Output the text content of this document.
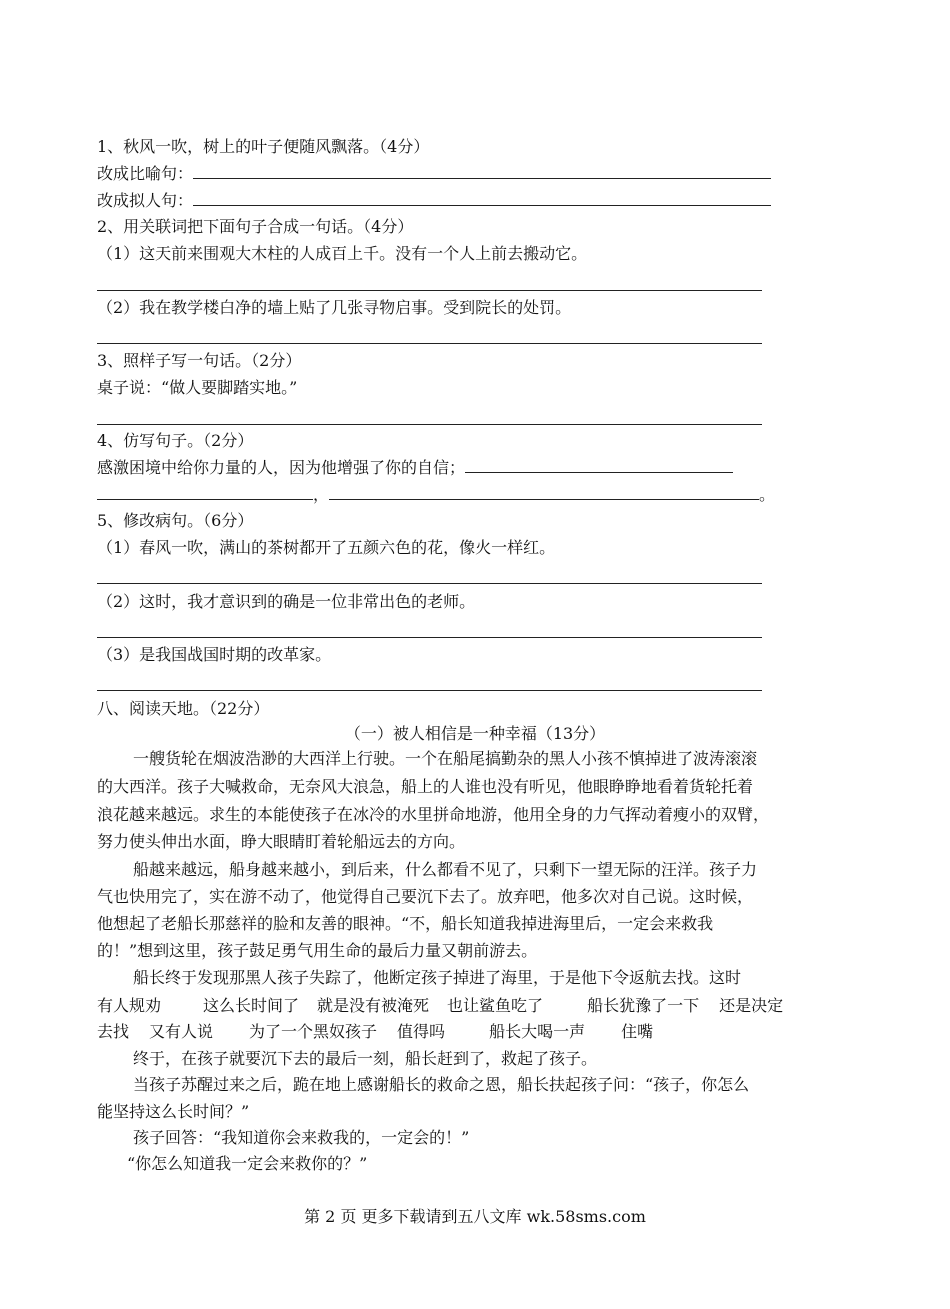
1、秋风一吹，树上的叶子便随风飘落。（4分）
改成比喻句：
改成拟人句：
2、用关联词把下面句子合成一句话。（4分）
（1）这天前来围观大木柱的人成百上千。没有一个人上前去搬动它。
（2）我在教学楼白净的墙上贴了几张寻物启事。受到院长的处罚。
3、照样子写一句话。（2分）
桌子说：“做人要脚踏实地。”
4、仿写句子。（2分）
感激困境中给你力量的人，因为他增强了你的自信；
，	。
5、修改病句。（6分）
（1）春风一吹，满山的茶树都开了五颜六色的花，像火一样红。
（2）这时，我才意识到的确是一位非常出色的老师。
（3）是我国战国时期的改革家。
八、阅读天地。（22分）
（一）被人相信是一种幸福（13分）
一艘货轮在烟波浩渺的大西洋上行驶。一个在船尾搞勤杂的黑人小孩不慎掉进了波涛滚滚
的大西洋。孩子大喊救命，无奈风大浪急，船上的人谁也没有听见，他眼睁睁地看着货轮托着
浪花越来越远。求生的本能使孩子在冰冷的水里拼命地游，他用全身的力气挥动着瘦小的双臂，
努力使头伸出水面，睁大眼睛盯着轮船远去的方向。
船越来越远，船身越来越小，到后来，什么都看不见了，只剩下一望无际的汪洋。孩子力
气也快用完了，实在游不动了，他觉得自己要沉下去了。放弃吧，他多次对自己说。这时候，
他想起了老船长那慈祥的脸和友善的眼神。“不，船长知道我掉进海里后，一定会来救我
的！”想到这里，孩子鼓足勇气用生命的最后力量又朝前游去。
船长终于发现那黑人孩子失踪了，他断定孩子掉进了海里，于是他下令返航去找。这时
有人规劝	这么长时间了 就是没有被淹死 也让鲨鱼吃了	船长犹豫了一下 还是决定
去找 又有人说 为了一个黑奴孩子 值得吗	船长大喝一声 住嘴
终于，在孩子就要沉下去的最后一刻，船长赶到了，救起了孩子。
当孩子苏醒过来之后，跪在地上感谢船长的救命之恩，船长扶起孩子问：“孩子，你怎么
能坚持这么长时间？”
孩子回答：“我知道你会来救我的，一定会的！”
“你怎么知道我一定会来救你的？”
第 2 页 更多下载请到五八文库 wk.58sms.com
